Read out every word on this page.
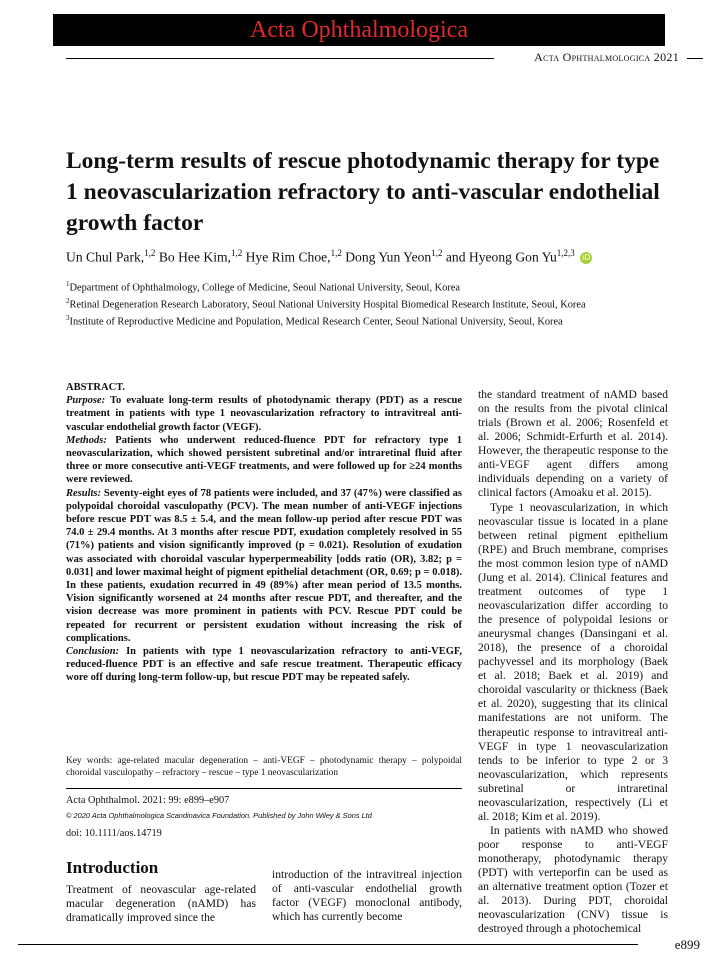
Acta Ophthalmologica
Acta Ophthalmologica 2021
Long-term results of rescue photodynamic therapy for type 1 neovascularization refractory to anti-vascular endothelial growth factor
Un Chul Park,$^{1,2}$ Bo Hee Kim,$^{1,2}$ Hye Rim Choe,$^{1,2}$ Dong Yun Yeon$^{1,2}$ and Hyeong Gon Yu$^{1,2,3}$ iD
$^1$Department of Ophthalmology, College of Medicine, Seoul National University, Seoul, Korea
$^2$Retinal Degeneration Research Laboratory, Seoul National University Hospital Biomedical Research Institute, Seoul, Korea
$^3$Institute of Reproductive Medicine and Population, Medical Research Center, Seoul National University, Seoul, Korea

ABSTRACT.

Purpose: To evaluate long-term results of photodynamic therapy (PDT) as a rescue treatment in patients with type 1 neovascularization refractory to intravitreal anti-vascular endothelial growth factor (VEGF).

Methods: Patients who underwent reduced-fluence PDT for refractory type 1 neovascularization, which showed persistent subretinal and/or intraretinal fluid after three or more consecutive anti-VEGF treatments, and were followed up for ≥24 months were reviewed.

Results: Seventy-eight eyes of 78 patients were included, and 37 (47%) were classified as polypoidal choroidal vasculopathy (PCV). The mean number of anti-VEGF injections before rescue PDT was 8.5 ± 5.4, and the mean follow-up period after rescue PDT was 74.0 ± 29.4 months. At 3 months after rescue PDT, exudation completely resolved in 55 (71%) patients and vision significantly improved (p = 0.021). Resolution of exudation was associated with choroidal vascular hyperpermeability [odds ratio (OR), 3.82; p = 0.031] and lower maximal height of pigment epithelial detachment (OR, 0.69; p = 0.018). In these patients, exudation recurred in 49 (89%) after mean period of 13.5 months. Vision significantly worsened at 24 months after rescue PDT, and thereafter, and the vision decrease was more prominent in patients with PCV. Rescue PDT could be repeated for recurrent or persistent exudation without increasing the risk of complications.

Conclusion: In patients with type 1 neovascularization refractory to anti-VEGF, reduced-fluence PDT is an effective and safe rescue treatment. Therapeutic efficacy wore off during long-term follow-up, but rescue PDT may be repeated safely.

Key words: age-related macular degeneration – anti-VEGF – photodynamic therapy – polypoidal choroidal vasculopathy – refractory – rescue – type 1 neovascularization
Acta Ophthalmol. 2021: 99: e899–e907
© 2020 Acta Ophthalmologica Scandinavica Foundation. Published by John Wiley & Sons Ltd
doi: 10.1111/aos.14719
Introduction
Treatment of neovascular age-related macular degeneration (nAMD) has dramatically improved since the
introduction of the intravitreal injection of anti-vascular endothelial growth factor (VEGF) monoclonal antibody, which has currently become

the standard treatment of nAMD based on the results from the pivotal clinical trials (Brown et al. 2006; Rosenfeld et al. 2006; Schmidt-Erfurth et al. 2014). However, the therapeutic response to the anti-VEGF agent differs among individuals depending on a variety of clinical factors (Amoaku et al. 2015).

Type 1 neovascularization, in which neovascular tissue is located in a plane between retinal pigment epithelium (RPE) and Bruch membrane, comprises the most common lesion type of nAMD (Jung et al. 2014). Clinical features and treatment outcomes of type 1 neovascularization differ according to the presence of polypoidal lesions or aneurysmal changes (Dansingani et al. 2018), the presence of a choroidal pachyvessel and its morphology (Baek et al. 2018; Baek et al. 2019) and choroidal vascularity or thickness (Baek et al. 2020), suggesting that its clinical manifestations are not uniform. The therapeutic response to intravitreal anti-VEGF in type 1 neovascularization tends to be inferior to type 2 or 3 neovascularization, which represents subretinal or intraretinal neovascularization, respectively (Li et al. 2018; Kim et al. 2019).

In patients with nAMD who showed poor response to anti-VEGF monotherapy, photodynamic therapy (PDT) with verteporfin can be used as an alternative treatment option (Tozer et al. 2013). During PDT, choroidal neovascularization (CNV) tissue is destroyed through a photochemical

e899
